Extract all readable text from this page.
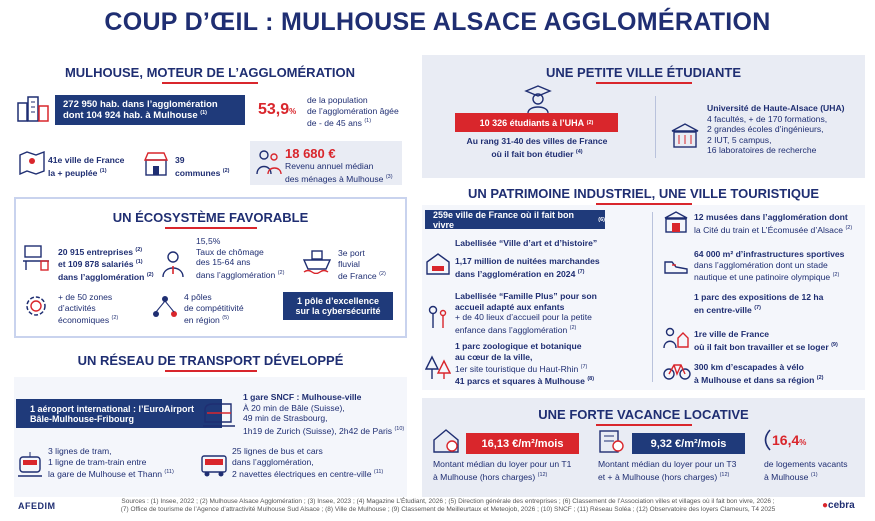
COUP D’ŒIL : MULHOUSE ALSACE AGGLOMÉRATION
MULHOUSE, MOTEUR DE L’AGGLOMÉRATION
272 950 hab. dans l’agglomération
dont 104 924 hab. à Mulhouse $^{(1)}$	53,9%
de la population
de l’agglomération âgée
de - de 45 ans $^{(1)}$
41e ville de France
la + peuplée $^{(1)}$
39
communes $^{(2)}$
18 680 €
Revenu annuel médian
des ménages à Mulhouse $^{(3)}$
UN ÉCOSYSTÈME FAVORABLE
20 915 entreprises $^{(2)}$
et 109 878 salariés $^{(1)}$
dans l’agglomération $^{(2)}$
15,5%
Taux de chômage
des 15-64 ans
dans l’agglomération $^{(2)}$
3e port
fluvial
de France $^{(2)}$
+ de 50 zones
d’activités
économiques $^{(2)}$
4 pôles
de compétitivité
en région $^{(5)}$
1 pôle d’excellence
sur la cybersécurité
UN RÉSEAU DE TRANSPORT DÉVELOPPÉ
1 aéroport international : l’EuroAirport
Bâle-Mulhouse-Fribourg
1 gare SNCF : Mulhouse-ville
À 20 min de Bâle (Suisse),
49 min de Strasbourg,
1h19 de Zurich (Suisse), 2h42 de Paris $^{(10)}$
3 lignes de tram,
1 ligne de tram-train entre
la gare de Mulhouse et Thann $^{(11)}$
25 lignes de bus et cars
dans l’agglomération,
2 navettes électriques en centre-ville $^{(11)}$
UNE PETITE VILLE ÉTUDIANTE
10 326 étudiants à l’UHA
(2)
Au rang 31-40 des villes de France
où il fait bon étudier $^{(4)}$
Université de Haute-Alsace (UHA)
4 facultés, + de 170 formations,
2 grandes écoles d’ingénieurs,
2 IUT, 5 campus,
16 laboratoires de recherche
UN PATRIMOINE INDUSTRIEL, UNE VILLE TOURISTIQUE
259e ville de France où il fait bon vivre
	(6)
Labellisée “Ville d’art et d’histoire”
1,17 million de nuitées marchandes
dans l’agglomération en 2024 $^{(7)}$
Labellisée “Famille Plus” pour son
accueil adapté aux enfants
+ de 40 lieux d’accueil pour la petite
enfance dans l’agglomération $^{(2)}$
1 parc zoologique et botanique
au cœur de la ville,
1er site touristique du Haut-Rhin $^{(7)}$
41 parcs et squares à Mulhouse $^{(8)}$
12 musées dans l’agglomération dont
la Cité du train et L’Écomusée d’Alsace $^{(2)}$
64 000 m² d’infrastructures sportives
dans l’agglomération dont un stade
nautique et une patinoire olympique $^{(2)}$
1 parc des expositions de 12 ha
en centre-ville $^{(7)}$
1re ville de France
où il fait bon travailler et se loger $^{(9)}$
300 km d’escapades à vélo
à Mulhouse et dans sa région $^{(2)}$
UNE FORTE VACANCE LOCATIVE
16,13 €/m²/mois
Montant médian du loyer pour un T1
à Mulhouse (hors charges) $^{(12)}$
9,32 €/m²/mois
Montant médian du loyer pour un T3
et + à Mulhouse (hors charges) $^{(12)}$
16,4%
de logements vacants
à Mulhouse $^{(1)}$
AFEDIM	Sources : (1) Insee, 2022 ; (2) Mulhouse Alsace Agglomération ; (3) Insee, 2023 ; (4) Magazine L’Étudiant, 2026 ; (5) Direction générale des entreprises ; (6) Classement de l’Association villes et villages où il fait bon vivre, 2026 ;
(7) Office de tourisme de l’Agence d’attractivité Mulhouse Sud Alsace ; (8) Ville de Mulhouse ; (9) Classement de Meilleurtaux et Meteojob, 2026 ; (10) SNCF ; (11) Réseau Soléa ; (12) Observatoire des loyers Clameurs, T4 2025	●cebra
